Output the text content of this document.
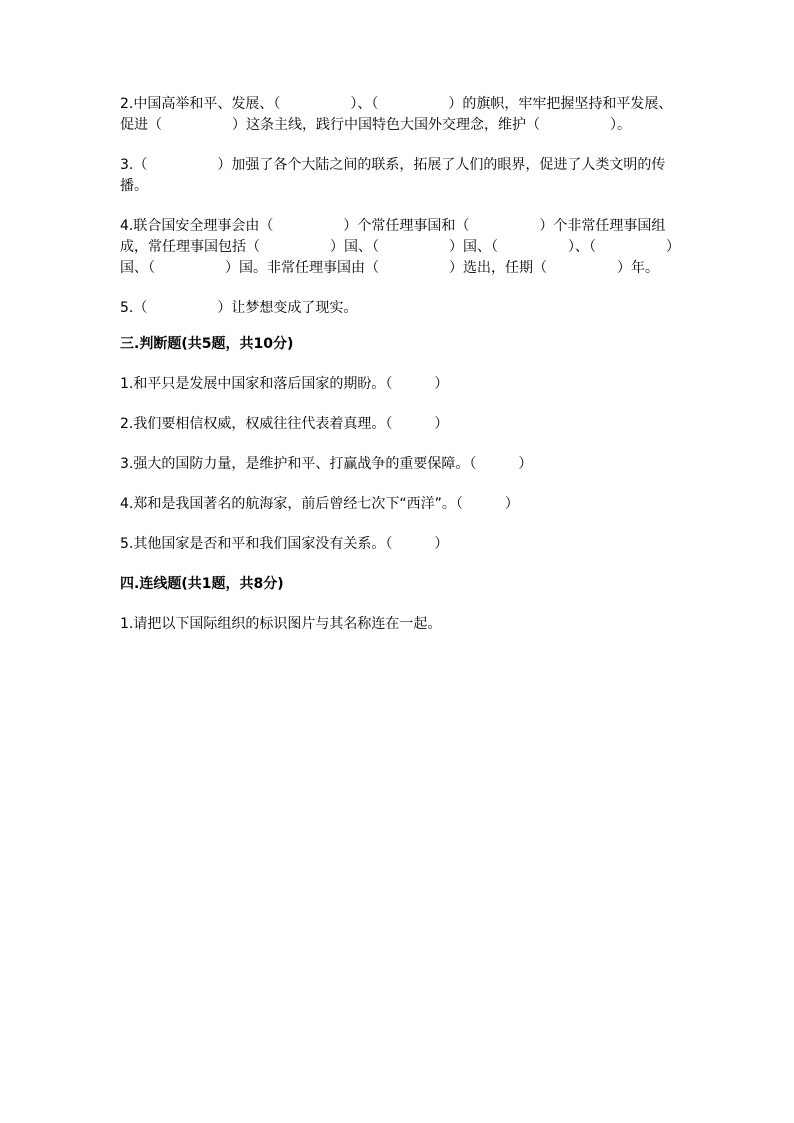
2.中国高举和平、发展、（　　　　　）、（　　　　　）的旗帜，牢牢把握坚持和平发展、促进（　　　　　）这条主线，践行中国特色大国外交理念，维护（　　　　　）。

3.（　　　　　）加强了各个大陆之间的联系，拓展了人们的眼界，促进了人类文明的传播。

4.联合国安全理事会由（　　　　　）个常任理事国和（　　　　　）个非常任理事国组成，常任理事国包括（　　　　　）国、（　　　　　）国、（　　　　　）、（　　　　　）国、（　　　　　）国。非常任理事国由（　　　　　）选出，任期（　　　　　）年。

5.（　　　　　）让梦想变成了现实。

三.判断题(共5题，共10分)

1.和平只是发展中国家和落后国家的期盼。（　　　）

2.我们要相信权威，权威往往代表着真理。（　　　）

3.强大的国防力量，是维护和平、打赢战争的重要保障。（　　　）

4.郑和是我国著名的航海家，前后曾经七次下“西洋”。（　　　）

5.其他国家是否和平和我们国家没有关系。（　　　）

四.连线题(共1题，共8分)

1.请把以下国际组织的标识图片与其名称连在一起。
